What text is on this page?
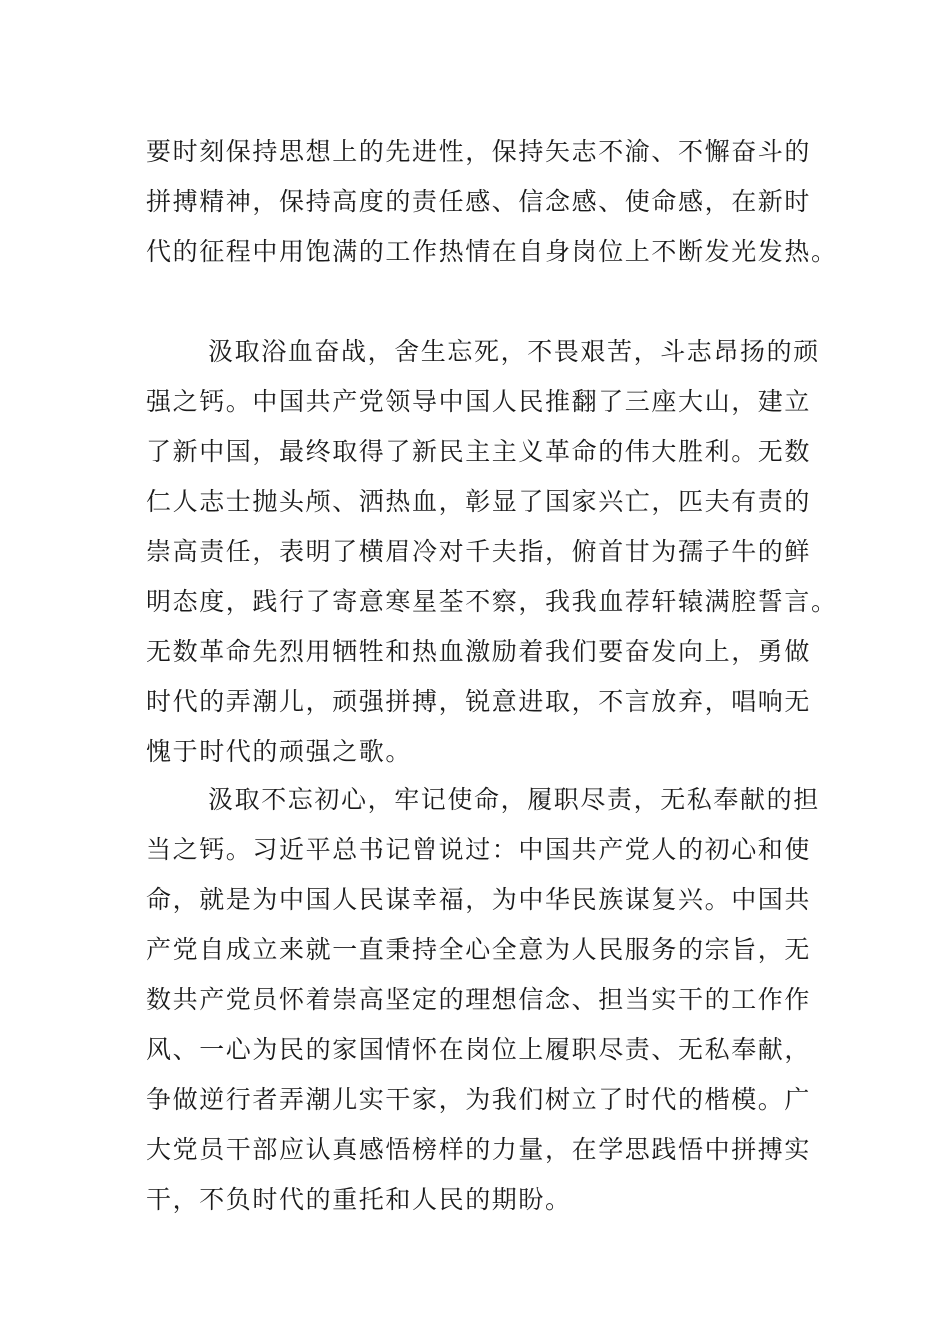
要时刻保持思想上的先进性，保持矢志不渝、不懈奋斗的
拼搏精神，保持高度的责任感、信念感、使命感，在新时
代的征程中用饱满的工作热情在自身岗位上不断发光发热。
汲取浴血奋战，舍生忘死，不畏艰苦，斗志昂扬的顽
强之钙。中国共产党领导中国人民推翻了三座大山，建立
了新中国，最终取得了新民主主义革命的伟大胜利。无数
仁人志士抛头颅、洒热血，彰显了国家兴亡，匹夫有责的
崇高责任，表明了横眉冷对千夫指，俯首甘为孺子牛的鲜
明态度，践行了寄意寒星荃不察，我我血荐轩辕满腔誓言。
无数革命先烈用牺牲和热血激励着我们要奋发向上，勇做
时代的弄潮儿，顽强拼搏，锐意进取，不言放弃，唱响无
愧于时代的顽强之歌。
汲取不忘初心，牢记使命，履职尽责，无私奉献的担
当之钙。习近平总书记曾说过：中国共产党人的初心和使
命，就是为中国人民谋幸福，为中华民族谋复兴。中国共
产党自成立来就一直秉持全心全意为人民服务的宗旨，无
数共产党员怀着崇高坚定的理想信念、担当实干的工作作
风、一心为民的家国情怀在岗位上履职尽责、无私奉献，
争做逆行者弄潮儿实干家，为我们树立了时代的楷模。广
大党员干部应认真感悟榜样的力量，在学思践悟中拼搏实
干，不负时代的重托和人民的期盼。
